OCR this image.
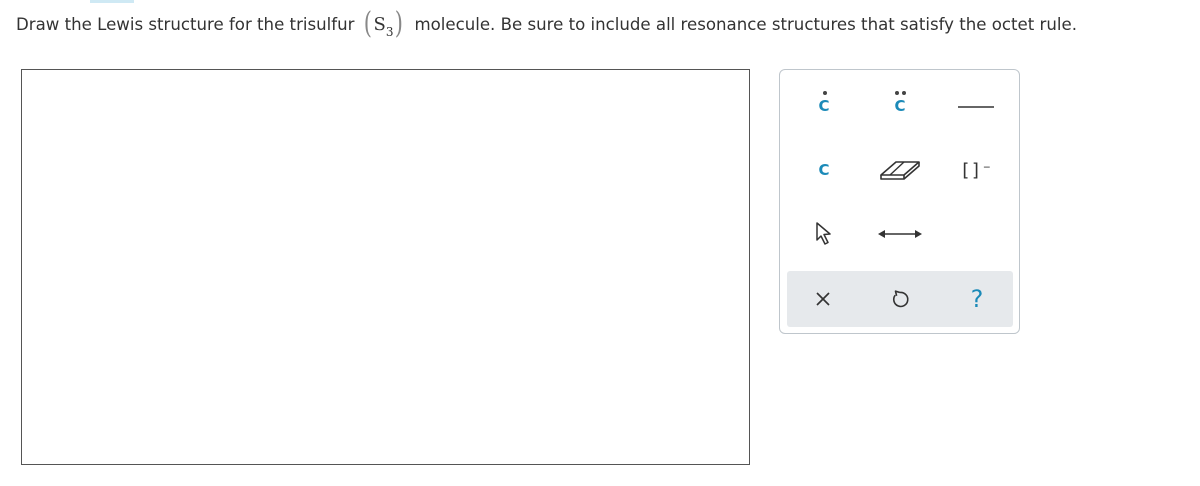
Draw the Lewis structure for the trisulfur $(S_3)$ molecule. Be sure to include all resonance structures that satisfy the octet rule.
C	C
C	[]⁻
?
